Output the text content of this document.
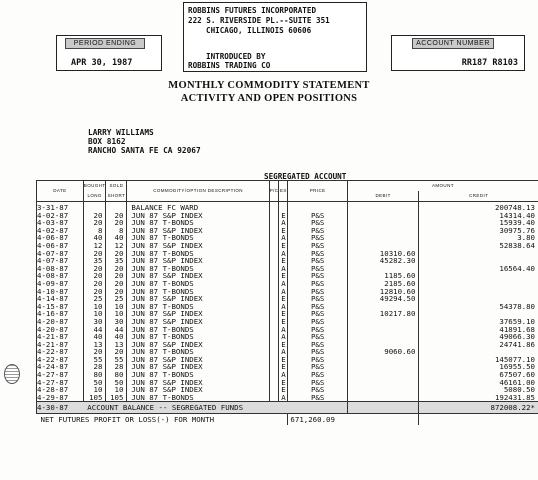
ROBBINS FUTURES INCORPORATED
222 S. RIVERSIDE PL.--SUITE 351
CHICAGO, ILLINOIS 60606
INTRODUCED BY
ROBBINS TRADING CO
PERIOD ENDING
APR 30, 1987
ACCOUNT NUMBER
RR187 R8103
MONTHLY COMMODITY STATEMENT
ACTIVITY AND OPEN POSITIONS
LARRY WILLIAMS
BOX 8162
RANCHO SANTA FE CA 92067
SEGREGATED ACCOUNT
DATE	BOUGHT	SOLD	COMMODITY/OPTION DESCRIPTION	P/C	EX	PRICE	AMOUNT	
	LONG	SHORT					DEBIT	CREDIT
3-31-87			BALANCE FC WARD					200748.13
4-02-87	20	20	JUN 87 S&P INDEX		E	P&S		14314.40
4-03-87	20	20	JUN 87 T-BONDS		A	P&S		15939.40
4-02-87	8	8	JUN 87 S&P INDEX		E	P&S		30975.76
4-06-87	40	40	JUN 87 T-BONDS		A	P&S		3.80
4-06-87	12	12	JUN 87 S&P INDEX		E	P&S		52838.64
4-07-87	20	20	JUN 87 T-BONDS		A	P&S	10310.60	
4-07-87	35	35	JUN 87 S&P INDEX		E	P&S	45282.30	
4-08-87	20	20	JUN 87 T-BONDS		A	P&S		16564.40
4-08-87	20	20	JUN 87 S&P INDEX		E	P&S	1185.60	
4-09-87	20	20	JUN 87 T-BONDS		A	P&S	2185.60	
4-10-87	20	20	JUN 87 T-BONDS		A	P&S	12810.60	
4-14-87	25	25	JUN 87 S&P INDEX		E	P&S	49294.50	
4-15-87	10	10	JUN 87 T-BONDS		A	P&S		54378.80
4-16-87	10	10	JUN 87 S&P INDEX		E	P&S	10217.80	
4-20-87	30	30	JUN 87 S&P INDEX		E	P&S		37659.10
4-20-87	44	44	JUN 87 T-BONDS		A	P&S		41891.68
4-21-87	40	40	JUN 87 T-BONDS		A	P&S		49066.30
4-21-87	13	13	JUN 87 S&P INDEX		E	P&S		24741.86
4-22-87	20	20	JUN 87 T-BONDS		A	P&S	9060.60	
4-22-87	55	55	JUN 87 S&P INDEX		E	P&S		145077.10
4-24-87	28	28	JUN 87 S&P INDEX		E	P&S		16955.50
4-27-87	80	80	JUN 87 T-BONDS		A	P&S		67507.60
4-27-87	50	50	JUN 87 S&P INDEX		E	P&S		46161.00
4-28-87	10	10	JUN 87 S&P INDEX		E	P&S		5080.50
4-29-87	105	105	JUN 87 T-BONDS		A	P&S		192431.85
4-30-87	ACCOUNT BALANCE -- SEGREGATED FUNDS							872008.22*
NET FUTURES PROFIT OR LOSS(-) FOR MONTH						671,260.09		
